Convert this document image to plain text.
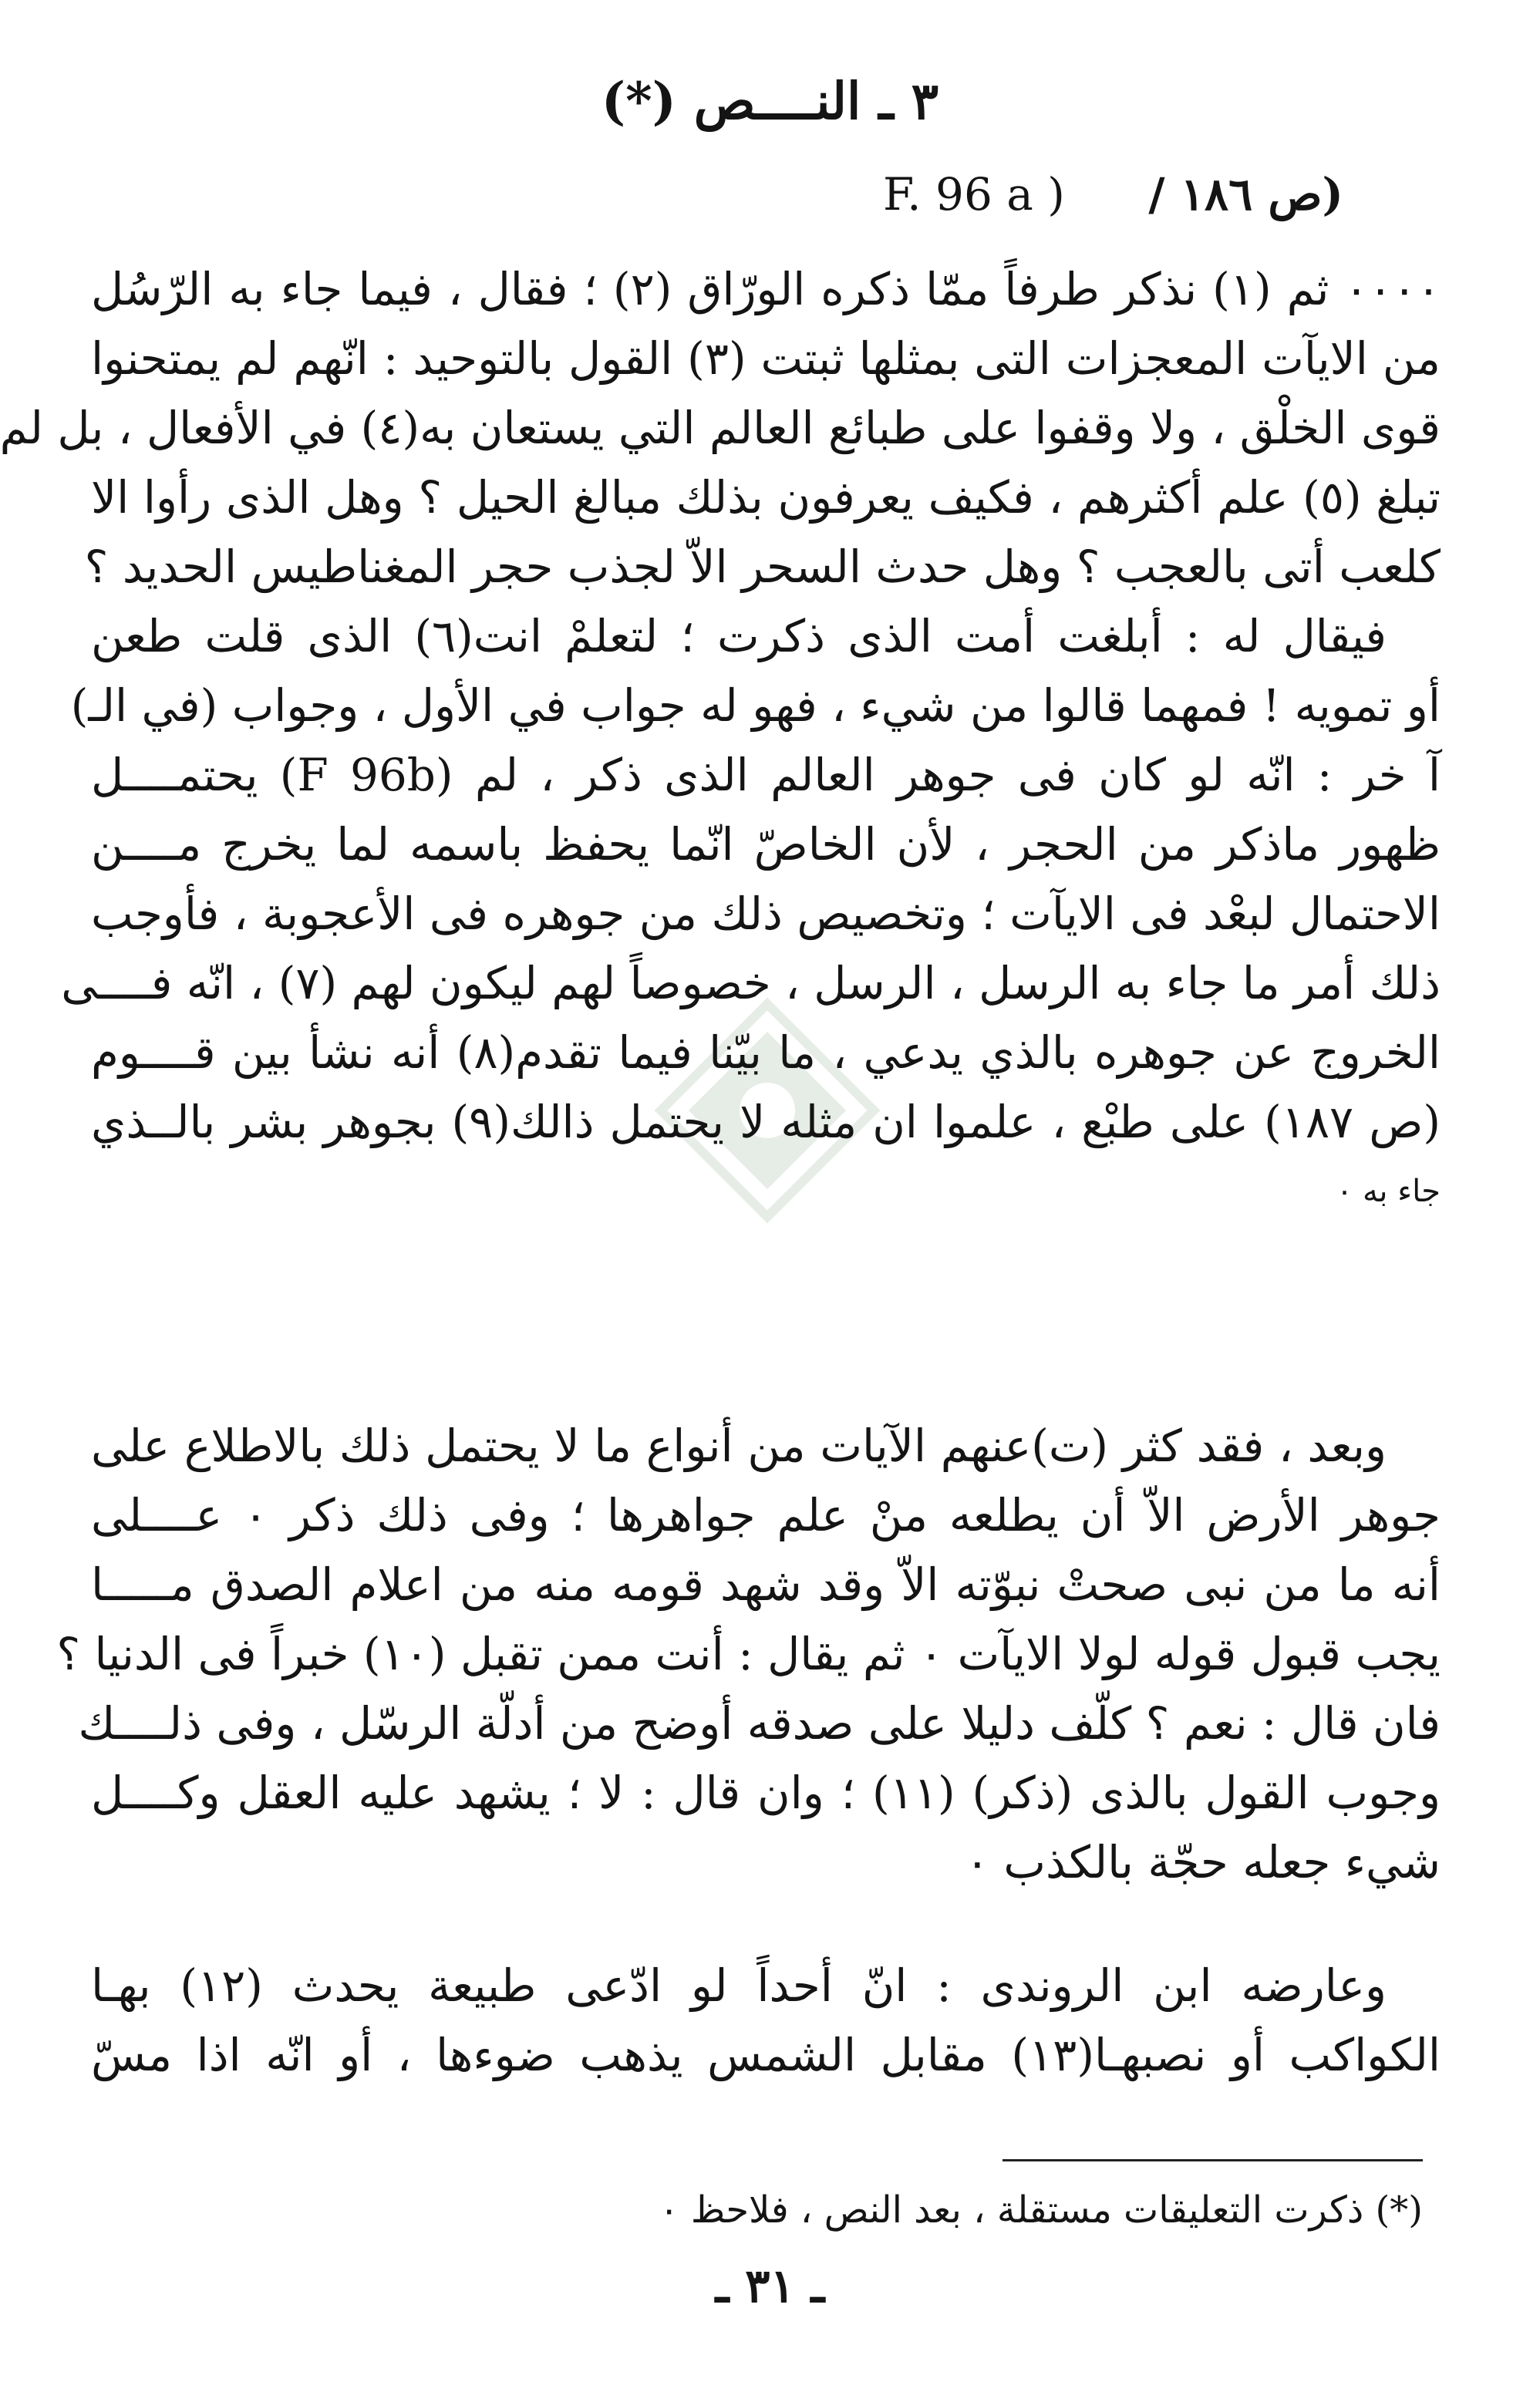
٣ ـ النــــص (*)
(ص ١٨٦ / F. 96 a )
٠٠٠٠ ثم (١) نذكر طرفاً ممّا ذكره الورّاق (٢) ؛ فقال ، فيما جاء به الرّسُل
من الايآت المعجزات التى بمثلها ثبتت (٣) القول بالتوحيد : انّهم لم يمتحنوا
قوى الخلْق ، ولا وقفوا على طبائع العالم التي يستعان به(٤) في الأفعال ، بل لم
تبلغ (٥) علم أكثرهم ، فكيف يعرفون بذلك مبالغ الحيل ؟ وهل الذى رأوا الا
كلعب أتى بالعجب ؟ وهل حدث السحر الاّ لجذب حجر المغناطيس الحديد ؟
فيقال له : أبلغت أمت الذى ذكرت ؛ لتعلمْ انت(٦) الذى قلت طعن
أو تمويه ! فمهما قالوا من شيء ، فهو له جواب في الأول ، وجواب (في الـ)
آ خر : انّه لو كان فى جوهر العالم الذى ذكر ، لم (F 96b) يحتمــــل
ظهور ماذكر من الحجر ، لأن الخاصّ انّما يحفظ باسمه لما يخرج مــــن
الاحتمال لبعْد فى الايآت ؛ وتخصيص ذلك من جوهره فى الأعجوبة ، فأوجب
ذلك أمر ما جاء به الرسل ، الرسل ، خصوصاً لهم ليكون لهم (٧) ، انّه فــــى
الخروج عن جوهره بالذي يدعي ، ما بيّنا فيما تقدم(٨) أنه نشأ بين قــــوم
(ص ١٨٧) على طبْع ، علموا ان مثله لا يحتمل ذالك(٩) بجوهر بشر بالــذي
جاء به ٠
وبعد ، فقد كثر (ت)عنهم الآيات من أنواع ما لا يحتمل ذلك بالاطلاع على
جوهر الأرض الاّ أن يطلعه منْ علم جواهرها ؛ وفى ذلك ذكر ٠ عــــلى
أنه ما من نبى صحتْ نبوّته الاّ وقد شهد قومه منه من اعلام الصدق مـــــا
يجب قبول قوله لولا الايآت ٠ ثم يقال : أنت ممن تقبل (١٠) خبراً فى الدنيا ؟
فان قال : نعم ؟ كلّف دليلا على صدقه أوضح من أدلّة الرسّل ، وفى ذلــــك
وجوب القول بالذى (ذكر) (١١) ؛ وان قال : لا ؛ يشهد عليه العقل وكــــل
شيء جعله حجّة بالكذب ٠
وعارضه ابن الروندى : انّ أحداً لو ادّعى طبيعة يحدث (١٢) بهـا
الكواكب أو نصبهـا(١٣) مقابل الشمس يذهب ضوءها ، أو انّه اذا مسّ
(*) ذكرت التعليقات مستقلة ، بعد النص ، فلاحظ ٠
ـ ٣١ ـ
